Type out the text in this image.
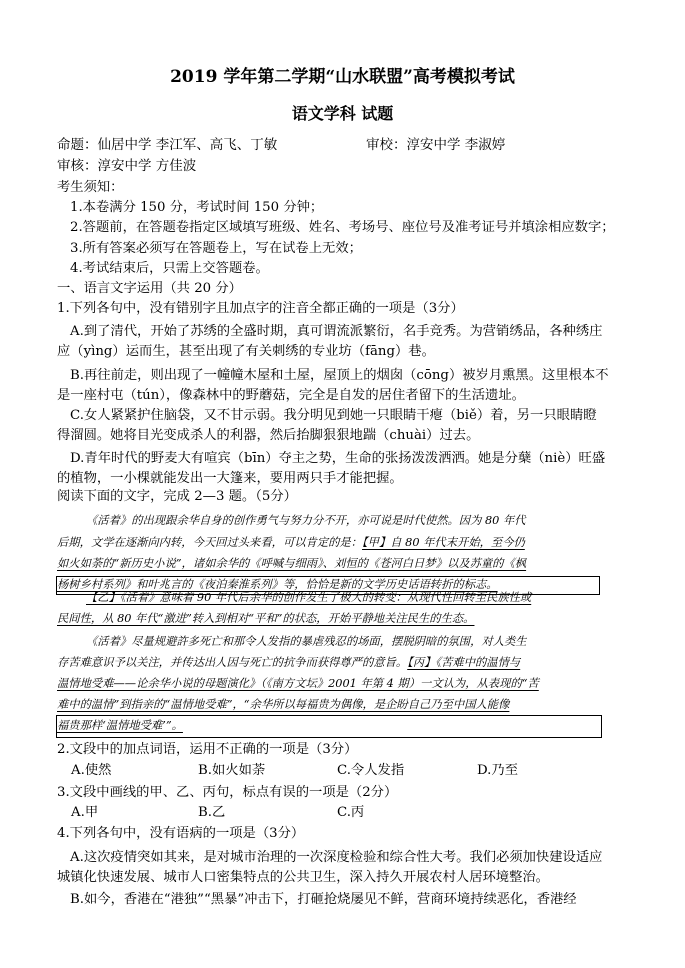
2019 学年第二学期“山水联盟”高考模拟考试
语文学科 试题
命题：仙居中学 李江军、高飞、丁敏	审校：淳安中学 李淑婷
审核：淳安中学 方佳波
考生须知：
1.本卷满分 150 分，考试时间 150 分钟；
2.答题前，在答题卷指定区域填写班级、姓名、考场号、座位号及准考证号并填涂相应数字；
3.所有答案必须写在答题卷上，写在试卷上无效；
4.考试结束后，只需上交答题卷。
一、语言文字运用（共 20 分）
1.下列各句中，没有错别字且加点字的注音全都正确的一项是（3分）
A.到了清代，开始了苏绣的全盛时期，真可谓流派繁衍，名手竞秀。为营销绣品，各种绣庄
应（yìng）运而生，甚至出现了有关刺绣的专业坊（fāng）巷。
B.再往前走，则出现了一幢幢木屋和土屋，屋顶上的烟囱（cōng）被岁月熏黑。这里根本不
是一座村屯（tún），像森林中的野蘑菇，完全是自发的居住者留下的生活遗址。
C.女人紧紧护住脑袋，又不甘示弱。我分明见到她一只眼睛干瘪（biě）着，另一只眼睛瞪
得溜圆。她将目光变成杀人的利器，然后抬脚狠狠地踹（chuài）过去。
D.青年时代的野麦大有喧宾（bīn）夺主之势，生命的张扬泼泼洒洒。她是分蘖（niè）旺盛
的植物，一小棵就能发出一大篷来，要用两只手才能把握。
阅读下面的文字，完成 2—3 题。（5分）
《活着》的出现跟余华自身的创作勇气与努力分不开，亦可说是时代使然。因为 80 年代
后期，文学在逐渐向内转，今天回过头来看，可以肯定的是：【甲】自 80 年代末开始，至今仍
如火如荼的“新历史小说”，诸如余华的《呼喊与细雨》、刘恒的《苍河白日梦》以及苏童的《枫
杨树乡村系列》和叶兆言的《夜泊秦淮系列》等，恰恰是新的文学历史话语转折的标志。
【乙】《活着》意味着 90 年代后余华的创作发生了极大的转变：从现代性回转至民族性或
民间性，从 80 年代“激进”转入到相对“平和”的状态，开始平静地关注民生的生态。
《活着》尽量规避許多死亡和那令人发指的暴虐残忍的场面，摆脱阴暗的氛围，对人类生
存苦难意识予以关注，并传达出人因与死亡的抗争而获得尊严的意旨。【丙】《苦难中的温情与
温情地受难——论余华小说的母题演化》（《南方文坛》2001 年第 4 期）一文认为，从表现的“苦
难中的温情”到指亲的“温情地受难”，“余华所以每福贵为偶像，是企盼自己乃至中国人能像
福贵那样‘温情地受难’”。
2.文段中的加点词语，运用不正确的一项是（3分）
A.使然	B.如火如荼	C.令人发指	D.乃至
3.文段中画线的甲、乙、丙句，标点有误的一项是（2分）
A.甲	B.乙	C.丙
4.下列各句中，没有语病的一项是（3分）
A.这次疫情突如其来，是对城市治理的一次深度检验和综合性大考。我们必须加快建设适应
城镇化快速发展、城市人口密集特点的公共卫生，深入持久开展农村人居环境整治。
B.如今，香港在“港独”“黑暴”冲击下，打砸抢烧屡见不鲜，营商环境持续恶化，香港经
